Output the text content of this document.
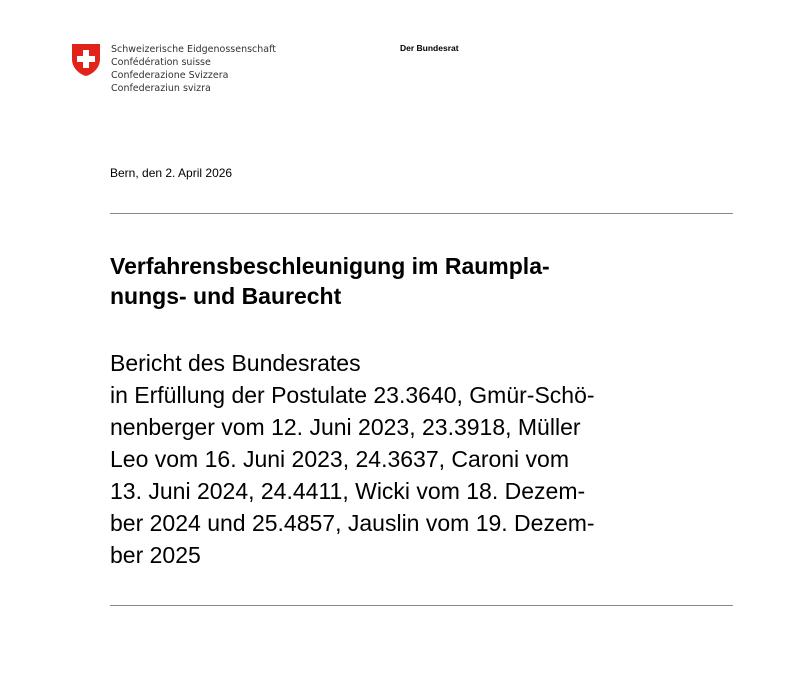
Schweizerische Eidgenossenschaft
Confédération suisse
Confederazione Svizzera
Confederaziun svizra
Der Bundesrat
Bern, den 2. April 2026
Verfahrensbeschleunigung im Raumpla-
nungs- und Baurecht
Bericht des Bundesrates
in Erfüllung der Postulate 23.3640, Gmür-Schö-
nenberger vom 12. Juni 2023, 23.3918, Müller
Leo vom 16. Juni 2023, 24.3637, Caroni vom
13. Juni 2024, 24.4411, Wicki vom 18. Dezem-
ber 2024 und 25.4857, Jauslin vom 19. Dezem-
ber 2025
